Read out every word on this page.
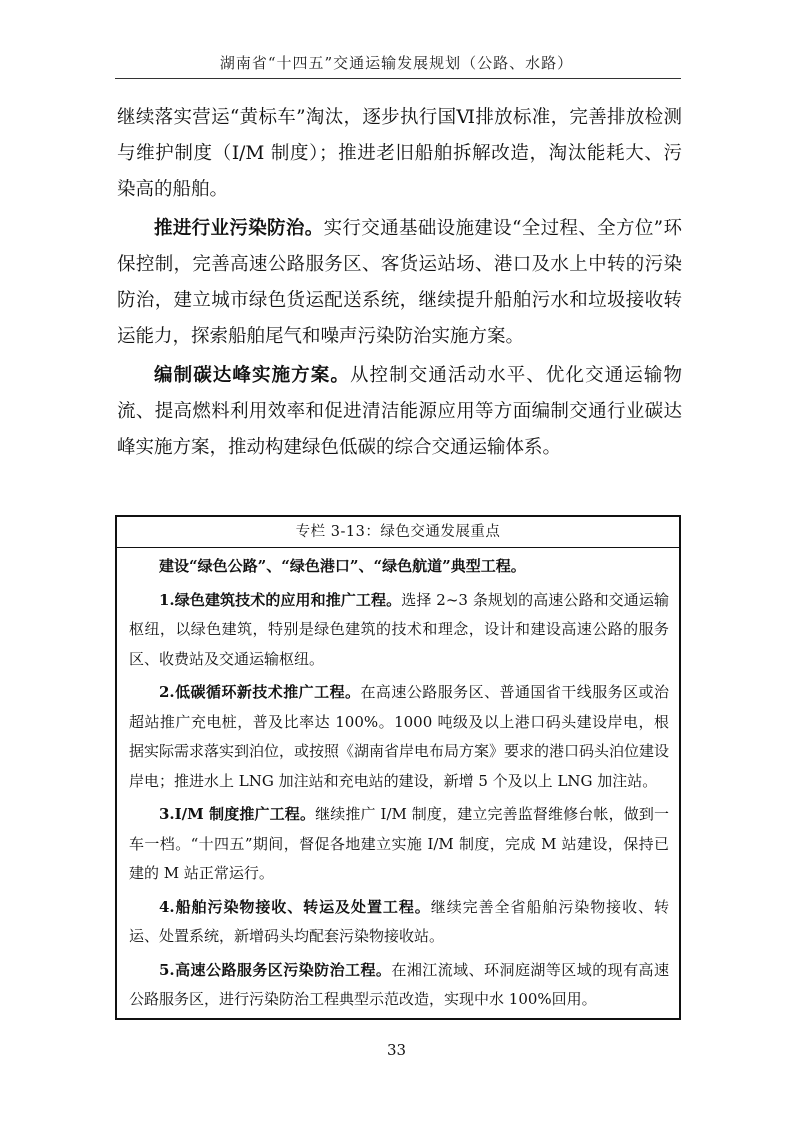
湖南省“十四五”交通运输发展规划（公路、水路）

继续落实营运“黄标车”淘汰，逐步执行国Ⅵ排放标准，完善排放检测与维护制度（I/M 制度）；推进老旧船舶拆解改造，淘汰能耗大、污染高的船舶。

推进行业污染防治。实行交通基础设施建设“全过程、全方位”环保控制，完善高速公路服务区、客货运站场、港口及水上中转的污染防治，建立城市绿色货运配送系统，继续提升船舶污水和垃圾接收转运能力，探索船舶尾气和噪声污染防治实施方案。

编制碳达峰实施方案。从控制交通活动水平、优化交通运输物流、提高燃料利用效率和促进清洁能源应用等方面编制交通行业碳达峰实施方案，推动构建绿色低碳的综合交通运输体系。

专栏 3-13：绿色交通发展重点

建设“绿色公路”、“绿色港口”、“绿色航道”典型工程。

1.绿色建筑技术的应用和推广工程。选择 2~3 条规划的高速公路和交通运输枢纽，以绿色建筑，特别是绿色建筑的技术和理念，设计和建设高速公路的服务区、收费站及交通运输枢纽。

2.低碳循环新技术推广工程。在高速公路服务区、普通国省干线服务区或治超站推广充电桩，普及比率达 100%。1000 吨级及以上港口码头建设岸电，根据实际需求落实到泊位，或按照《湖南省岸电布局方案》要求的港口码头泊位建设岸电；推进水上 LNG 加注站和充电站的建设，新增 5 个及以上 LNG 加注站。

3.I/M 制度推广工程。继续推广 I/M 制度，建立完善监督维修台帐，做到一车一档。“十四五”期间，督促各地建立实施 I/M 制度，完成 M 站建设，保持已建的 M 站正常运行。

4.船舶污染物接收、转运及处置工程。继续完善全省船舶污染物接收、转运、处置系统，新增码头均配套污染物接收站。

5.高速公路服务区污染防治工程。在湘江流域、环洞庭湖等区域的现有高速公路服务区，进行污染防治工程典型示范改造，实现中水 100%回用。

33
